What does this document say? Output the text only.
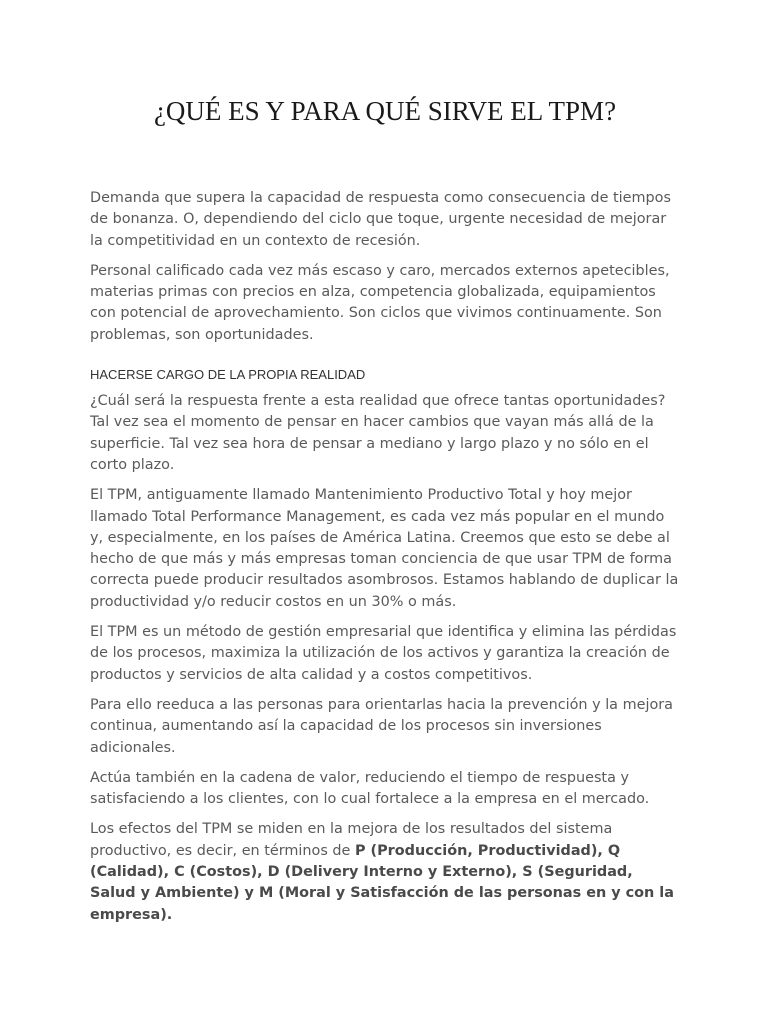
¿QUÉ ES Y PARA QUÉ SIRVE EL TPM?

Demanda que supera la capacidad de respuesta como consecuencia de tiempos de bonanza. O, dependiendo del ciclo que toque, urgente necesidad de mejorar la competitividad en un contexto de recesión.

Personal calificado cada vez más escaso y caro, mercados externos apetecibles, materias primas con precios en alza, competencia globalizada, equipamientos con potencial de aprovechamiento. Son ciclos que vivimos continuamente. Son problemas, son oportunidades.

HACERSE CARGO DE LA PROPIA REALIDAD

¿Cuál será la respuesta frente a esta realidad que ofrece tantas oportunidades? Tal vez sea el momento de pensar en hacer cambios que vayan más allá de la superficie. Tal vez sea hora de pensar a mediano y largo plazo y no sólo en el corto plazo.

El TPM, antiguamente llamado Mantenimiento Productivo Total y hoy mejor llamado Total Performance Management, es cada vez más popular en el mundo y, especialmente, en los países de América Latina. Creemos que esto se debe al hecho de que más y más empresas toman conciencia de que usar TPM de forma correcta puede producir resultados asombrosos. Estamos hablando de duplicar la productividad y/o reducir costos en un 30% o más.

El TPM es un método de gestión empresarial que identifica y elimina las pérdidas de los procesos, maximiza la utilización de los activos y garantiza la creación de productos y servicios de alta calidad y a costos competitivos.

Para ello reeduca a las personas para orientarlas hacia la prevención y la mejora continua, aumentando así la capacidad de los procesos sin inversiones adicionales.

Actúa también en la cadena de valor, reduciendo el tiempo de respuesta y satisfaciendo a los clientes, con lo cual fortalece a la empresa en el mercado.

Los efectos del TPM se miden en la mejora de los resultados del sistema productivo, es decir, en términos de P (Producción, Productividad), Q (Calidad), C (Costos), D (Delivery Interno y Externo), S (Seguridad, Salud y Ambiente) y M (Moral y Satisfacción de las personas en y con la empresa).
